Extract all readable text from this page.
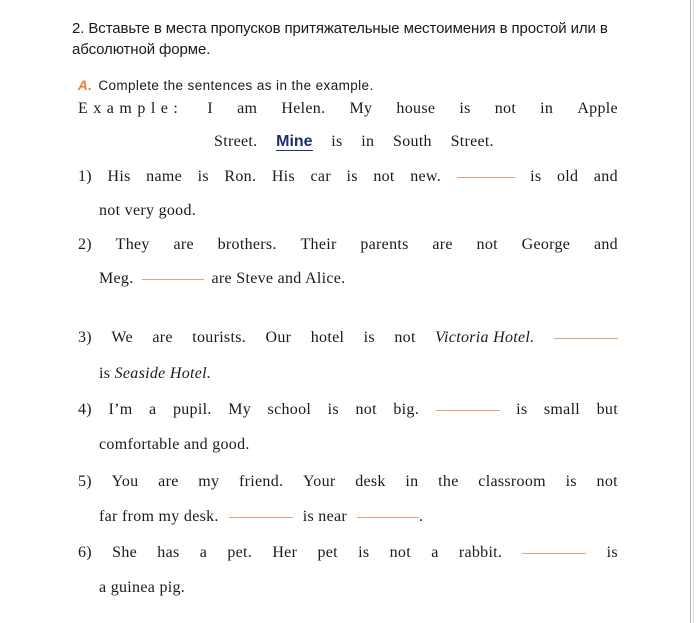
2. Вставьте в места пропусков притяжательные местоимения в простой или в абсолютной форме.
A. Complete the sentences as in the example.
Example: I am Helen. My house is not in Apple
Street. Mine is in South Street.
1) His name is Ron. His car is not new.	is old and
not very good.
2) They are brothers. Their parents are not George and
Meg.	are Steve and Alice.
3) We are tourists. Our hotel is not Victoria Hotel.
is
Seaside Hotel.
4) I’m a pupil. My school is not big.	is small but
comfortable and good.
5) You are my friend. Your desk in the classroom is not
far from my desk.	is near	.
6) She has a pet. Her pet is not a rabbit.	is
a guinea pig.
